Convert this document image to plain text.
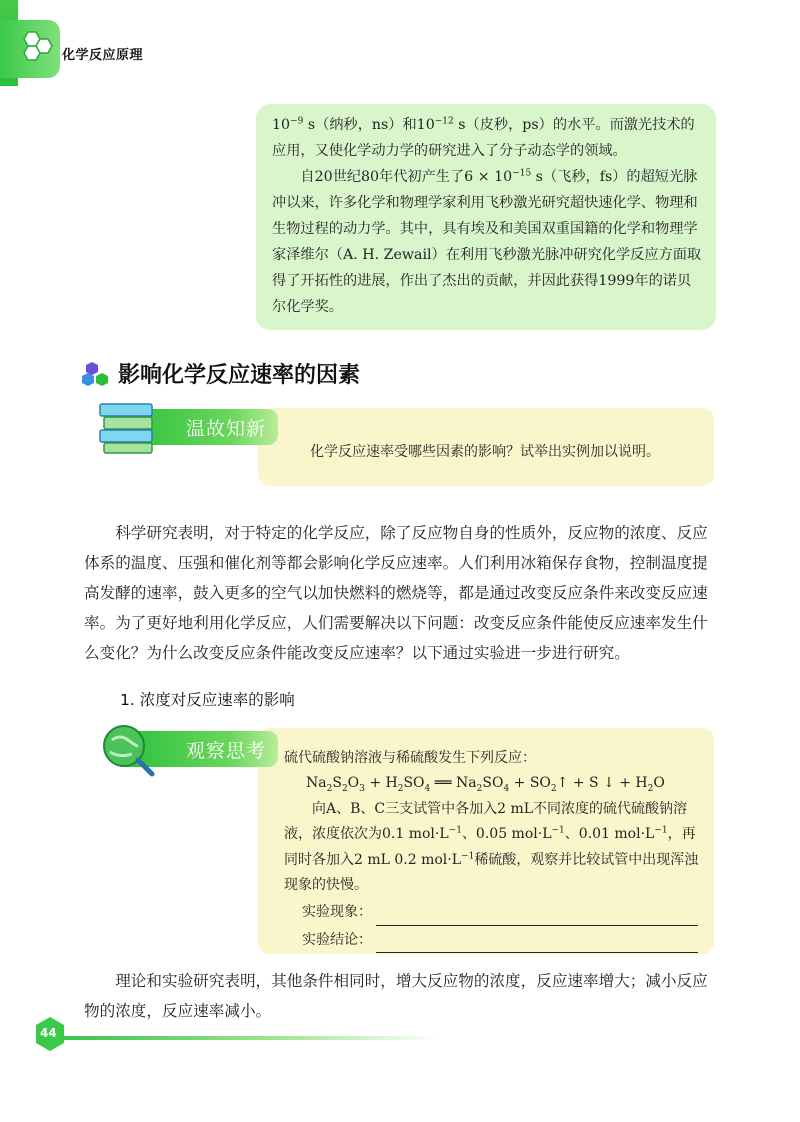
化学反应原理

$10^{-9}$ s（纳秒，ns）和$10^{-12}$ s（皮秒，ps）的水平。而激光技术的应用，又使化学动力学的研究进入了分子动态学的领域。

自20世纪80年代初产生了$6 \times 10^{-15}$ s（飞秒，fs）的超短光脉冲以来，许多化学和物理学家利用飞秒激光研究超快速化学、物理和生物过程的动力学。其中，具有埃及和美国双重国籍的化学和物理学家泽维尔（A. H. Zewail）在利用飞秒激光脉冲研究化学反应方面取得了开拓性的进展，作出了杰出的贡献，并因此获得1999年的诺贝尔化学奖。

影响化学反应速率的因素
温故知新
化学反应速率受哪些因素的影响？试举出实例加以说明。

科学研究表明，对于特定的化学反应，除了反应物自身的性质外，反应物的浓度、反应体系的温度、压强和催化剂等都会影响化学反应速率。人们利用冰箱保存食物，控制温度提高发酵的速率，鼓入更多的空气以加快燃料的燃烧等，都是通过改变反应条件来改变反应速率。为了更好地利用化学反应，人们需要解决以下问题：改变反应条件能使反应速率发生什么变化？为什么改变反应条件能改变反应速率？以下通过实验进一步进行研究。

1. 浓度对反应速率的影响
观察思考	硫代硫酸钠溶液与稀硫酸发生下列反应：

$Na_2S_2O_3 + H_2SO_4$ ══ $Na_2SO_4$ + $SO_2↑ + S$ ↓ + $H_2O$

向A、B、C三支试管中各加入2 mL不同浓度的硫代硫酸钠溶液，浓度依次为0.1 $mol\cdot L^{-1}$、0.05 $mol\cdot L^{-1}$、0.01 $mol\cdot L^{-1}$，再同时各加入2 mL 0.2 $mol\cdot L^{-1}$稀硫酸，观察并比较试管中出现浑浊现象的快慢。

实验现象：
实验结论：

理论和实验研究表明，其他条件相同时，增大反应物的浓度，反应速率增大；减小反应物的浓度，反应速率减小。

44
